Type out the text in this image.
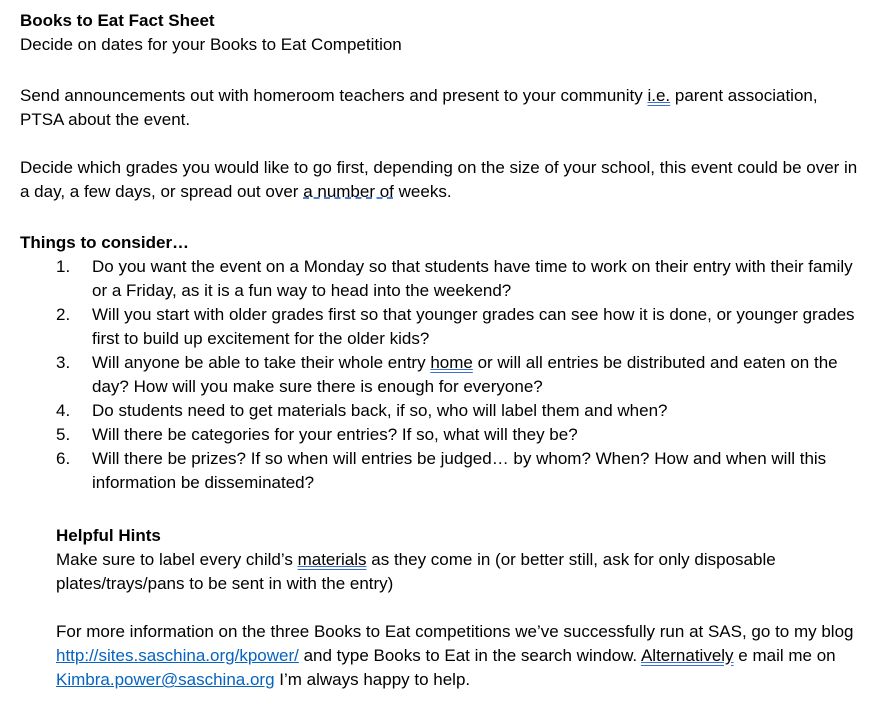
Books to Eat Fact Sheet

Decide on dates for your Books to Eat Competition

Send announcements out with homeroom teachers and present to your community i.e. parent association, PTSA about the event.

Decide which grades you would like to go first, depending on the size of your school, this event could be over in a day, a few days, or spread out over a number of weeks.

Things to consider…

1. Do you want the event on a Monday so that students have time to work on their entry with their family or a Friday, as it is a fun way to head into the weekend?
2. Will you start with older grades first so that younger grades can see how it is done, or younger grades first to build up excitement for the older kids?
3. Will anyone be able to take their whole entry home or will all entries be distributed and eaten on the day? How will you make sure there is enough for everyone?
4. Do students need to get materials back, if so, who will label them and when?
5. Will there be categories for your entries? If so, what will they be?
6. Will there be prizes? If so when will entries be judged… by whom? When? How and when will this information be disseminated?

Helpful Hints

Make sure to label every child’s materials as they come in (or better still, ask for only disposable plates/trays/pans to be sent in with the entry)

For more information on the three Books to Eat competitions we’ve successfully run at SAS, go to my blog http://sites.saschina.org/kpower/ and type Books to Eat in the search window. Alternatively e mail me on Kimbra.power@saschina.org I’m always happy to help.
